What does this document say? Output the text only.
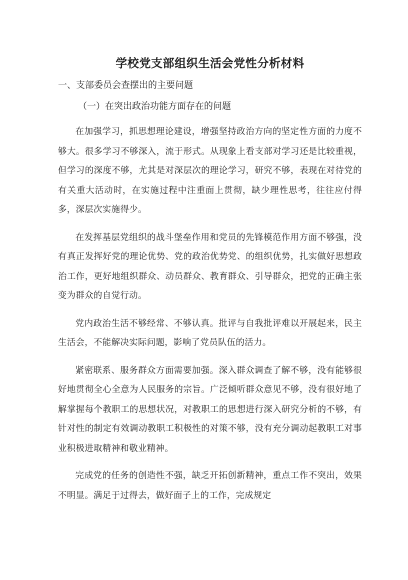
学校党支部组织生活会党性分析材料

一、支部委员会查摆出的主要问题

（一）在突出政治功能方面存在的问题

在加强学习，抓思想理论建设，增强坚持政治方向的坚定性方面的力度不够大。很多学习不够深入，流于形式。从现象上看支部对学习还是比较重视，但学习的深度不够，尤其是对深层次的理论学习，研究不够，表现在对待党的有关重大活动时，在实施过程中注重面上贯彻，缺少理性思考，往往应付得多，深层次实施得少。

在发挥基层党组织的战斗堡垒作用和党员的先锋模范作用方面不够强，没有真正发挥好党的理论优势、党的政治优势党、的组织优势，扎实做好思想政治工作，更好地组织群众、动员群众、教育群众、引导群众，把党的正确主张变为群众的自觉行动。

党内政治生活不够经常、不够认真。批评与自我批评难以开展起来，民主生活会，不能解决实际问题，影响了党员队伍的活力。

紧密联系、服务群众方面需要加强。深入群众调查了解不够，没有能够很好地贯彻全心全意为人民服务的宗旨。广泛倾听群众意见不够，没有很好地了解掌握每个教职工的思想状况，对教职工的思想进行深入研究分析的不够，有针对性的制定有效调动教职工积极性的对策不够，没有充分调动起教职工对事业积极进取精神和敬业精神。

完成党的任务的创造性不强，缺乏开拓创新精神，重点工作不突出，效果不明显。满足于过得去，做好面子上的工作，完成规定
